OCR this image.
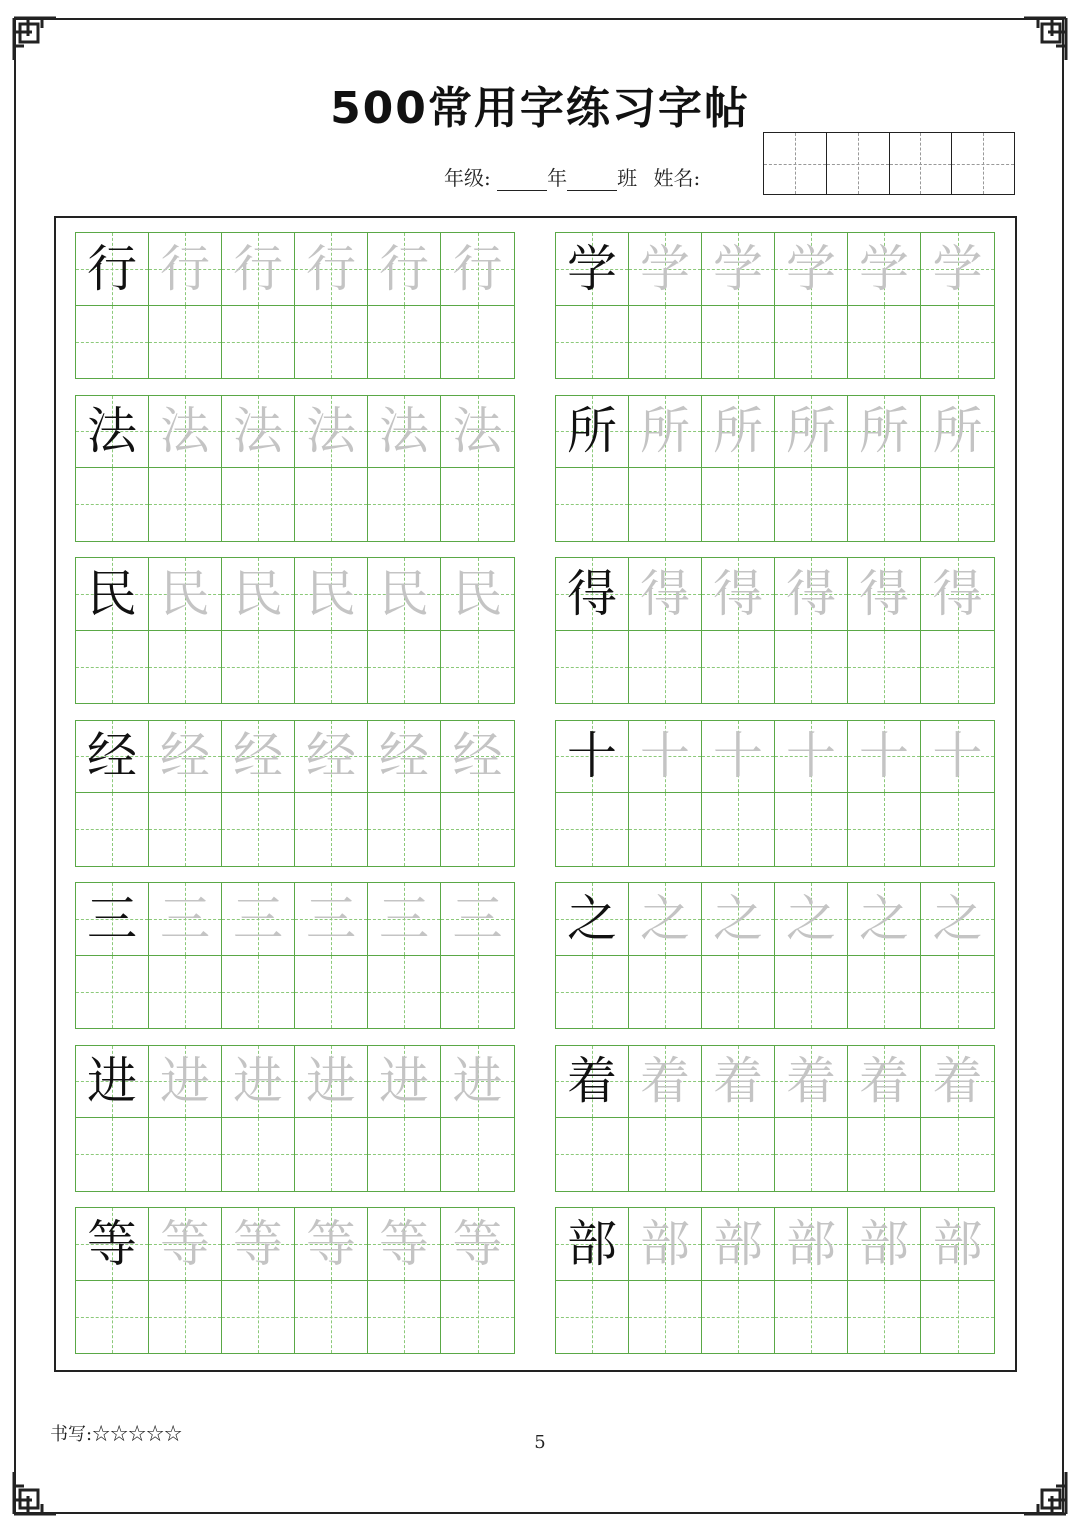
500常用字练习字帖
年级:	年	班 姓名:
行 行 行 行 行 行
法 法 法 法 法 法
民 民 民 民 民 民
经 经 经 经 经 经
三 三 三 三 三 三
进 进 进 进 进 进
等 等 等 等 等 等
学 学 学 学 学 学
所 所 所 所 所 所
得 得 得 得 得 得
十 十 十 十 十 十
之 之 之 之 之 之
着 着 着 着 着 着
部 部 部 部 部 部
书写:☆☆☆☆☆	5
